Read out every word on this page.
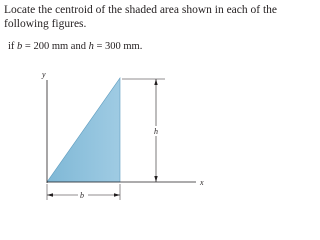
Locate the centroid of the shaded area shown in each of the following figures.
if b = 200 mm and h = 300 mm.
y
x
h
b
